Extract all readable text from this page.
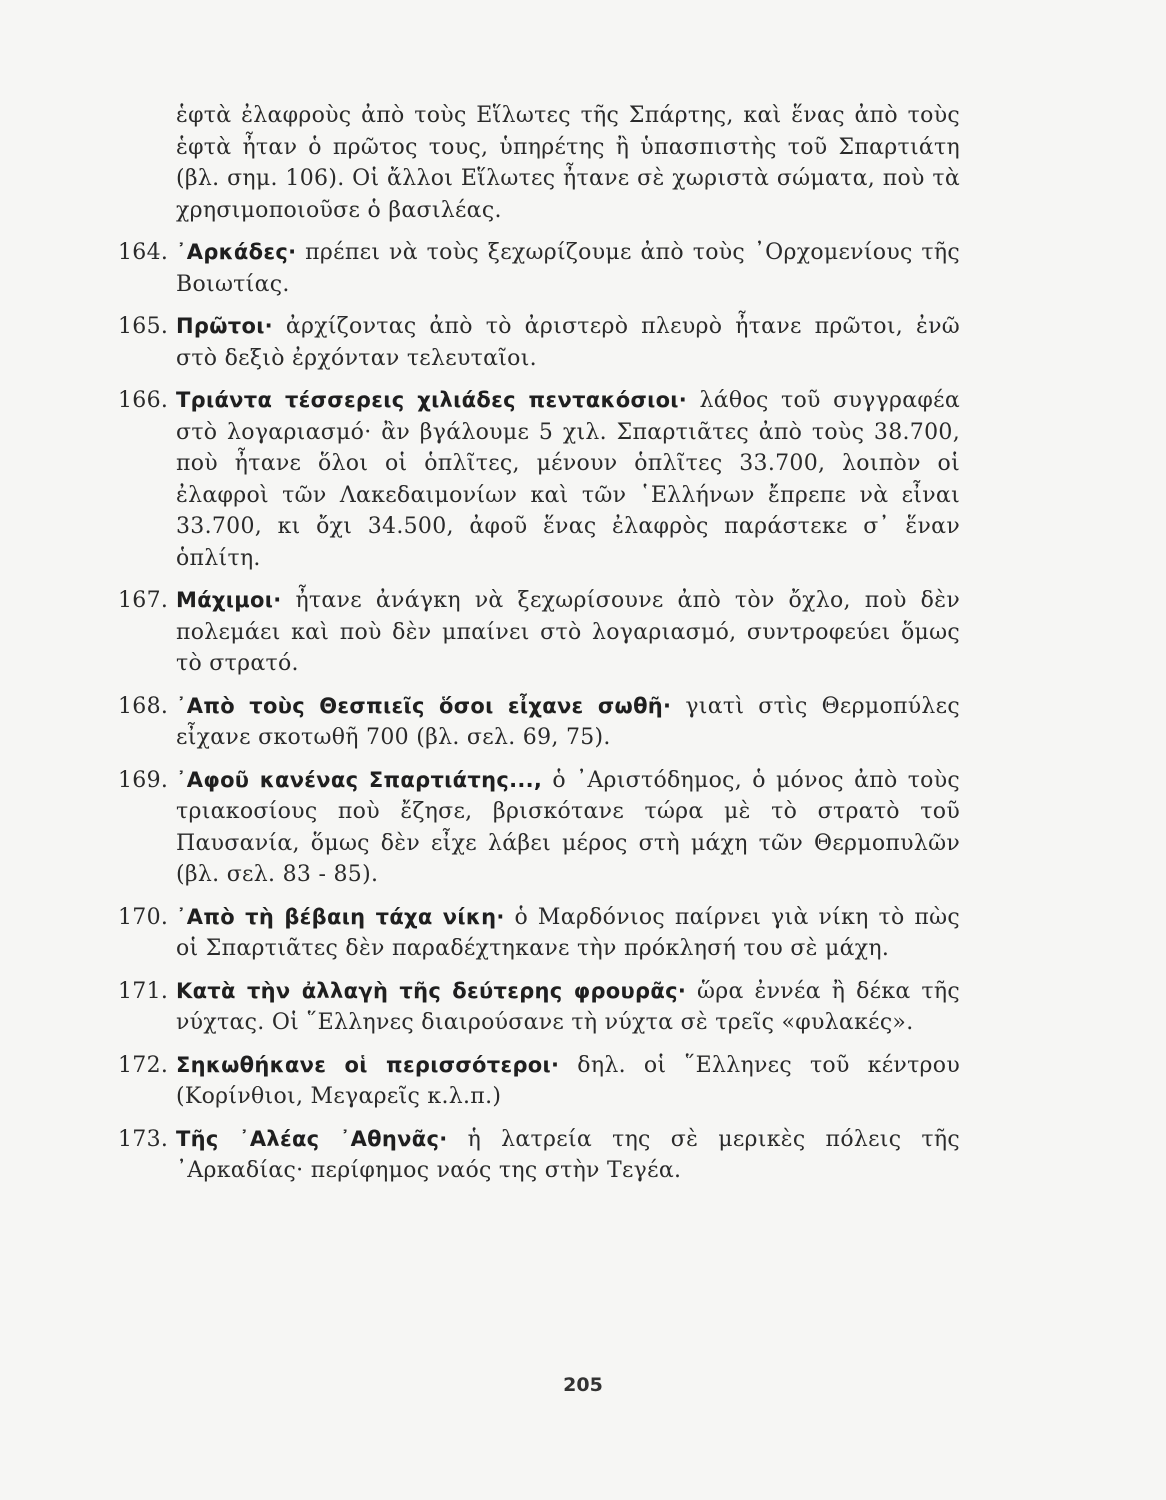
ἑφτὰ ἐλαφροὺς ἀπὸ τοὺς Εἵλωτες τῆς Σπάρτης, καὶ ἕνας ἀπὸ τοὺς ἑφτὰ ἦταν ὁ πρῶτος τους, ὑπηρέτης ἢ ὑπασπιστὴς τοῦ Σπαρτιάτη (βλ. σημ. 106). Οἱ ἄλλοι Εἵλωτες ἦτανε σὲ χωριστὰ σώματα, ποὺ τὰ χρησιμοποιοῦσε ὁ βασιλέας.

164. ᾿Αρκάδες· πρέπει νὰ τοὺς ξεχωρίζουμε ἀπὸ τοὺς ᾿Ορχομενίους τῆς Βοιωτίας.
165. Πρῶτοι· ἀρχίζοντας ἀπὸ τὸ ἀριστερὸ πλευρὸ ἦτανε πρῶτοι, ἐνῶ στὸ δεξιὸ ἐρχόνταν τελευταῖοι.
166. Τριάντα τέσσερεις χιλιάδες πεντακόσιοι· λάθος τοῦ συγγραφέα στὸ λογαριασμό· ἂν βγάλουμε 5 χιλ. Σπαρτιᾶτες ἀπὸ τοὺς 38.700, ποὺ ἦτανε ὅλοι οἱ ὁπλῖτες, μένουν ὁπλῖτες 33.700, λοιπὸν οἱ ἐλαφροὶ τῶν Λακεδαιμονίων καὶ τῶν ῾Ελλήνων ἔπρεπε νὰ εἶναι 33.700, κι ὄχι 34.500, ἀφοῦ ἕνας ἐλαφρὸς παράστεκε σ᾿ ἕναν ὁπλίτη.
167. Μάχιμοι· ἦτανε ἀνάγκη νὰ ξεχωρίσουνε ἀπὸ τὸν ὄχλο, ποὺ δὲν πολεμάει καὶ ποὺ δὲν μπαίνει στὸ λογαριασμό, συντροφεύει ὅμως τὸ στρατό.
168. ᾿Απὸ τοὺς Θεσπιεῖς ὅσοι εἶχανε σωθῆ· γιατὶ στὶς Θερμοπύλες εἶχανε σκοτωθῆ 700 (βλ. σελ. 69, 75).
169. ᾿Αφοῦ κανένας Σπαρτιάτης..., ὁ ᾿Αριστόδημος, ὁ μόνος ἀπὸ τοὺς τριακοσίους ποὺ ἔζησε, βρισκότανε τώρα μὲ τὸ στρατὸ τοῦ Παυσανία, ὅμως δὲν εἶχε λάβει μέρος στὴ μάχη τῶν Θερμοπυλῶν (βλ. σελ. 83 - 85).
170. ᾿Απὸ τὴ βέβαιη τάχα νίκη· ὁ Μαρδόνιος παίρνει γιὰ νίκη τὸ πὼς οἱ Σπαρτιᾶτες δὲν παραδέχτηκανε τὴν πρόκλησή του σὲ μάχη.
171. Κατὰ τὴν ἀλλαγὴ τῆς δεύτερης φρουρᾶς· ὥρα ἐννέα ἢ δέκα τῆς νύχτας. Οἱ ῞Ελληνες διαιρούσανε τὴ νύχτα σὲ τρεῖς «φυλακές».
172. Σηκωθήκανε οἱ περισσότεροι· δηλ. οἱ ῞Ελληνες τοῦ κέντρου (Κορίνθιοι, Μεγαρεῖς κ.λ.π.)
173. Τῆς ᾿Αλέας ᾿Αθηνᾶς· ἡ λατρεία της σὲ μερικὲς πόλεις τῆς ᾿Αρκαδίας· περίφημος ναός της στὴν Τεγέα.
205
